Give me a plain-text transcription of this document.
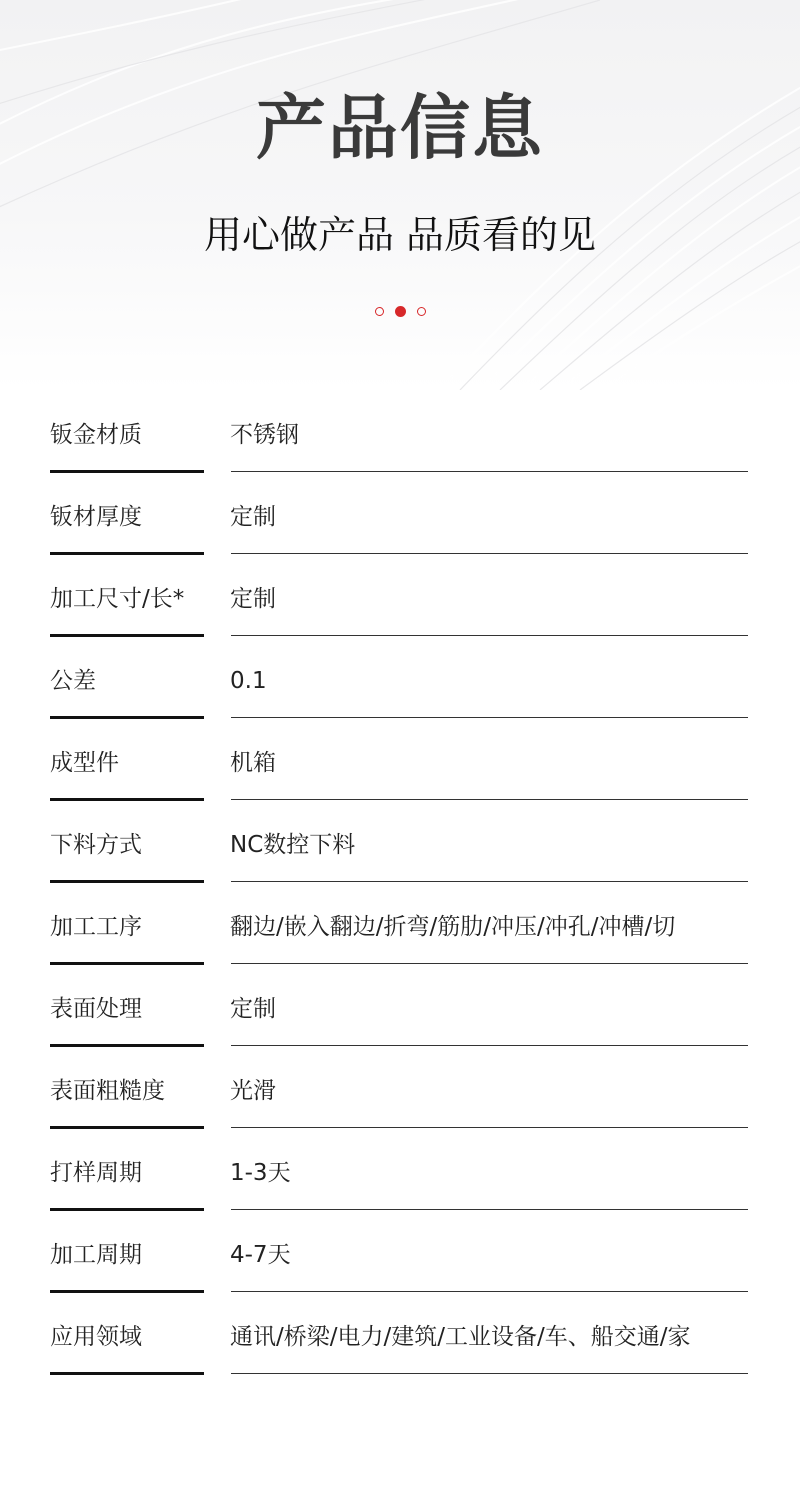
产品信息
用心做产品 品质看的见
钣金材质	不锈钢
钣材厚度	定制
加工尺寸/长* 定制
公差	0.1
成型件	机箱
下料方式	NC数控下料
加工工序	翻边/嵌入翻边/折弯/筋肋/冲压/冲孔/冲槽/切
表面处理	定制
表面粗糙度	光滑
打样周期	1-3天
加工周期	4-7天
应用领域	通讯/桥梁/电力/建筑/工业设备/车、船交通/家
